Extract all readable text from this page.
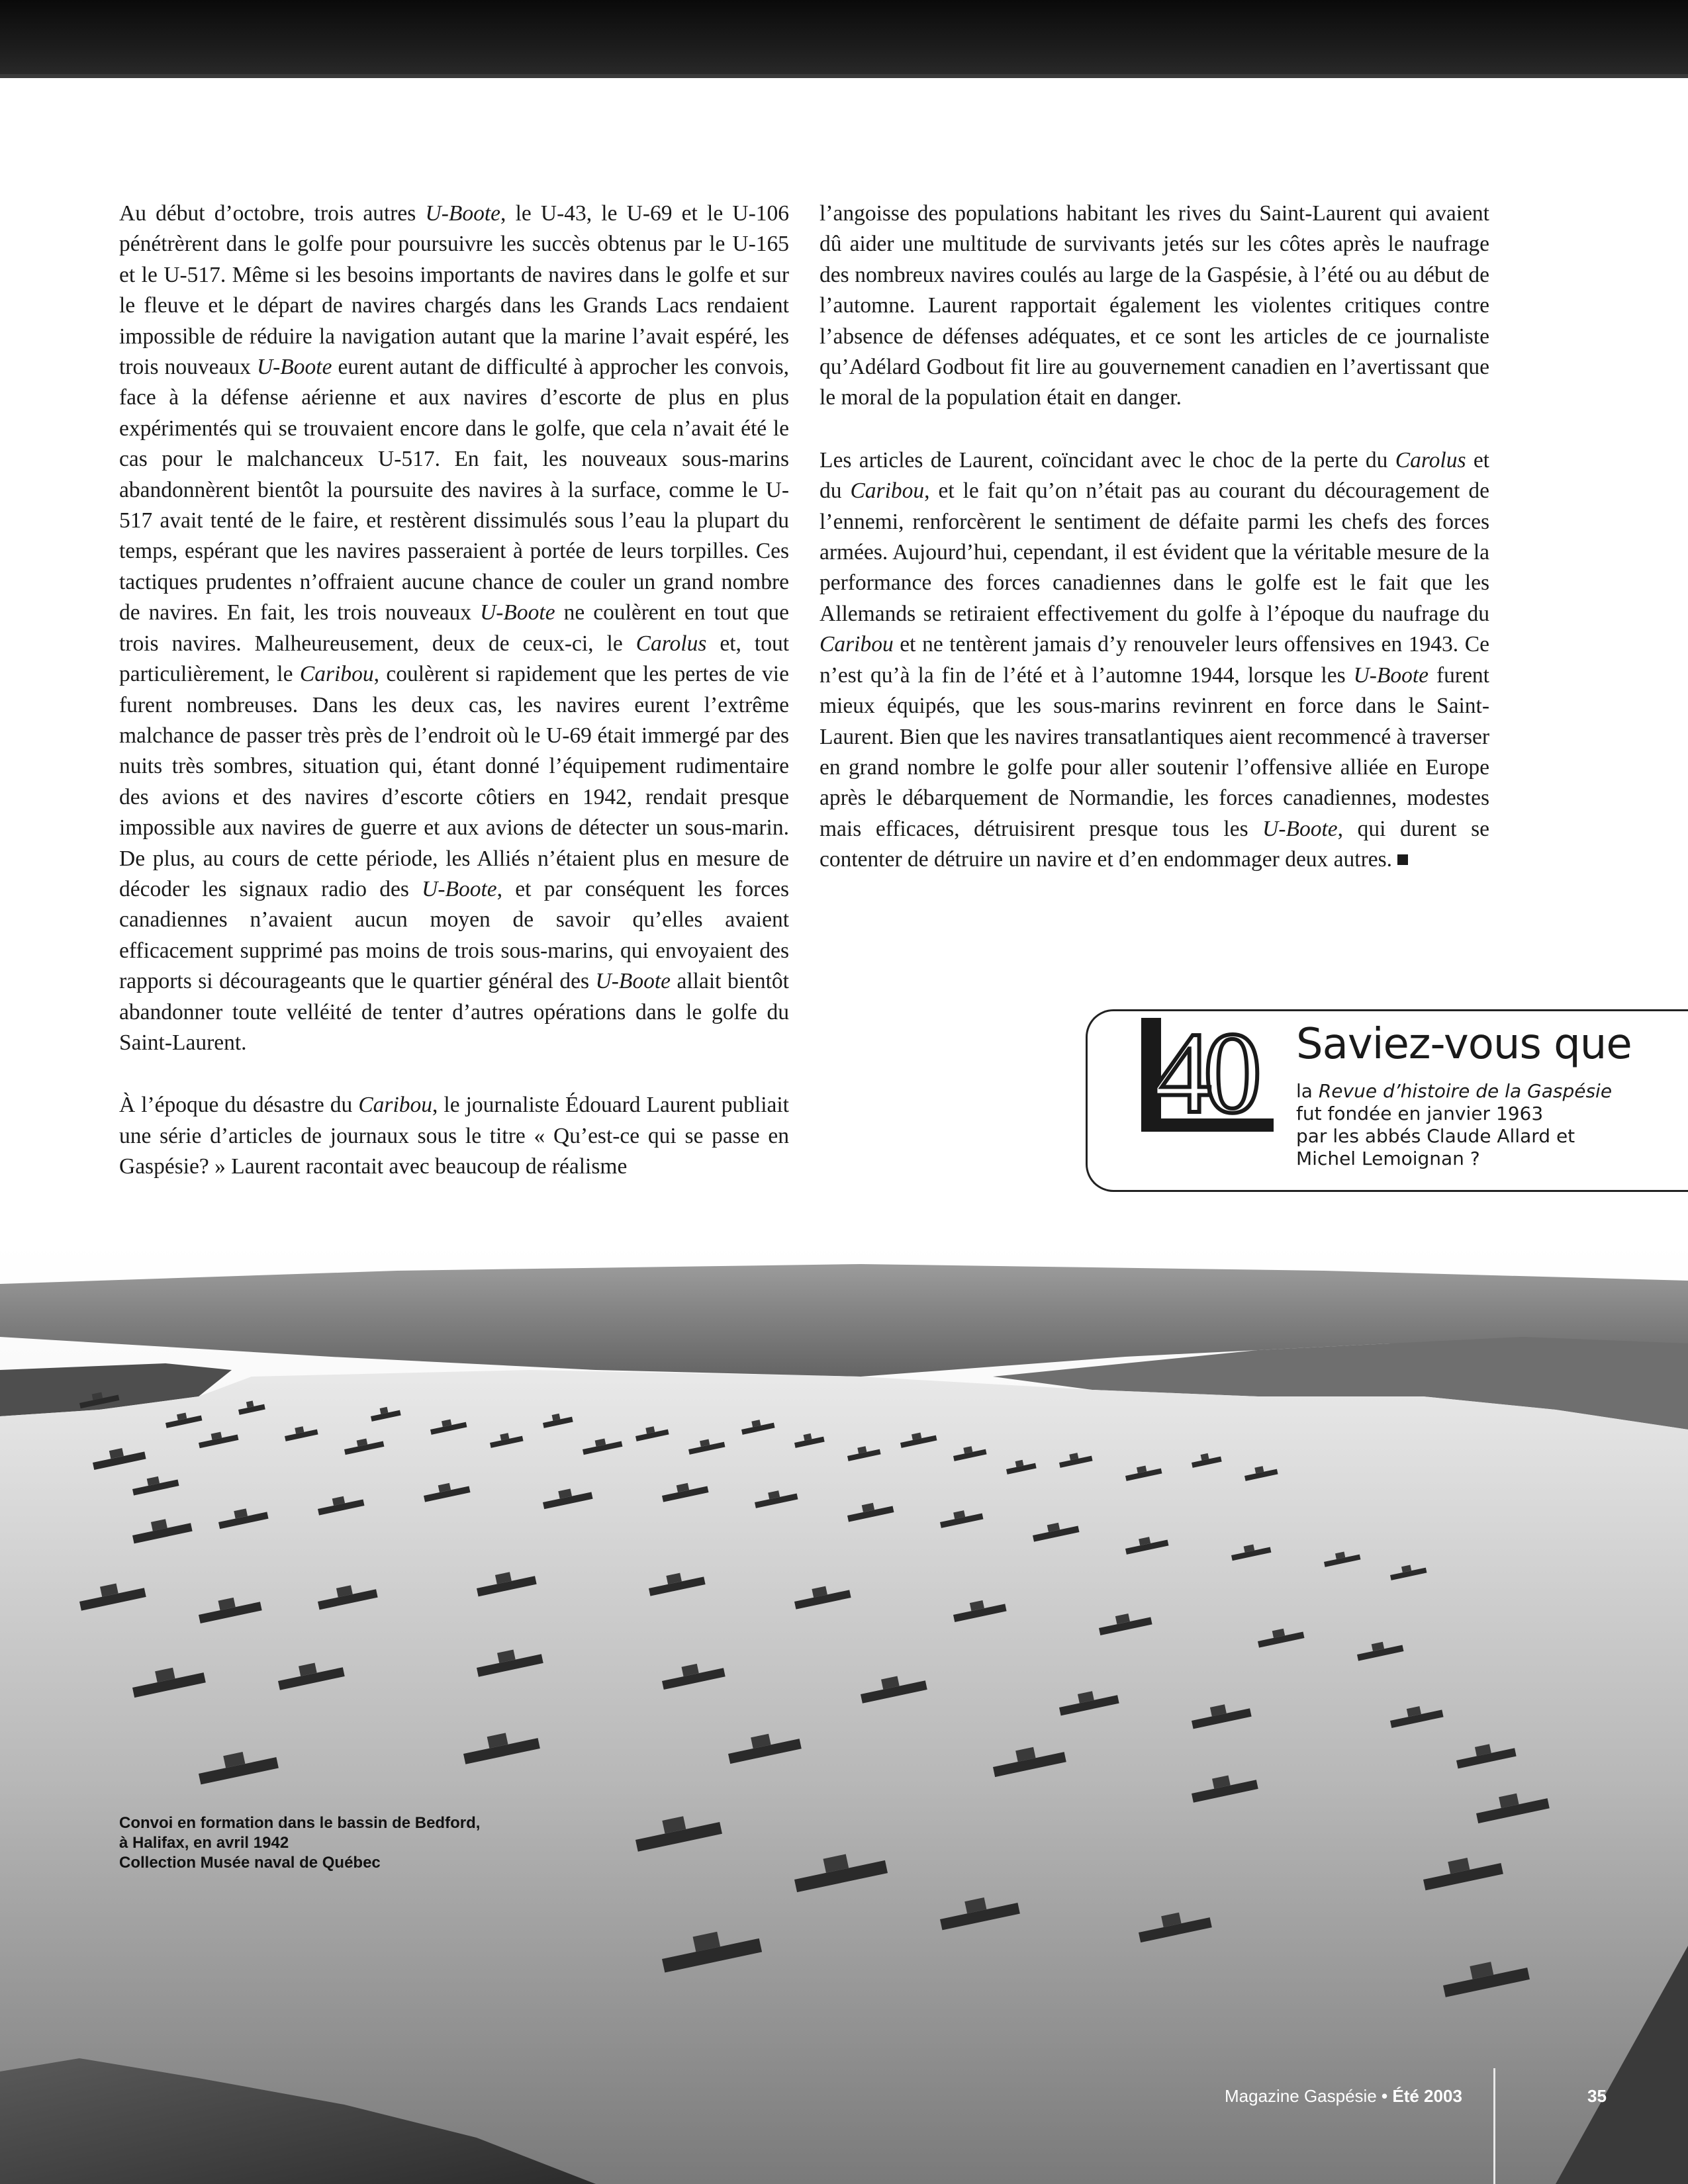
Au début d’octobre, trois autres U-Boote, le U-43, le U-69 et le U-106 pénétrèrent dans le golfe pour poursuivre les succès obtenus par le U-165 et le U-517. Même si les besoins importants de navires dans le golfe et sur le fleuve et le départ de navires chargés dans les Grands Lacs rendaient impossible de réduire la navigation autant que la marine l’avait espéré, les trois nouveaux U-Boote eurent autant de difficulté à approcher les convois, face à la défense aérienne et aux navires d’escorte de plus en plus expérimentés qui se trouvaient encore dans le golfe, que cela n’avait été le cas pour le malchanceux U-517. En fait, les nouveaux sous-marins abandonnèrent bientôt la poursuite des navires à la surface, comme le U-517 avait tenté de le faire, et restèrent dissimulés sous l’eau la plupart du temps, espérant que les navires passeraient à portée de leurs torpilles. Ces tactiques prudentes n’offraient aucune chance de couler un grand nombre de navires. En fait, les trois nouveaux U-Boote ne coulèrent en tout que trois navires. Malheureusement, deux de ceux-ci, le Carolus et, tout particulièrement, le Caribou, coulèrent si rapidement que les pertes de vie furent nombreuses. Dans les deux cas, les navires eurent l’extrême malchance de passer très près de l’endroit où le U-69 était immergé par des nuits très sombres, situation qui, étant donné l’équipement rudimentaire des avions et des navires d’escorte côtiers en 1942, rendait presque impossible aux navires de guerre et aux avions de détecter un sous-marin. De plus, au cours de cette période, les Alliés n’étaient plus en mesure de décoder les signaux radio des U-Boote, et par conséquent les forces canadiennes n’avaient aucun moyen de savoir qu’elles avaient efficacement supprimé pas moins de trois sous-marins, qui envoyaient des rapports si décourageants que le quartier général des U-Boote allait bientôt abandonner toute velléité de tenter d’autres opérations dans le golfe du Saint-Laurent.

À l’époque du désastre du Caribou, le journaliste Édouard Laurent publiait une série d’articles de journaux sous le titre « Qu’est-ce qui se passe en Gaspésie? » Laurent racontait avec beaucoup de réalisme

l’angoisse des populations habitant les rives du Saint-Laurent qui avaient dû aider une multitude de survivants jetés sur les côtes après le naufrage des nombreux navires coulés au large de la Gaspésie, à l’été ou au début de l’automne. Laurent rapportait également les violentes critiques contre l’absence de défenses adéquates, et ce sont les articles de ce journaliste qu’Adélard Godbout fit lire au gouvernement canadien en l’avertissant que le moral de la population était en danger.

Les articles de Laurent, coïncidant avec le choc de la perte du Carolus et du Caribou, et le fait qu’on n’était pas au courant du découragement de l’ennemi, renforcèrent le sentiment de défaite parmi les chefs des forces armées. Aujourd’hui, cependant, il est évident que la véritable mesure de la performance des forces canadiennes dans le golfe est le fait que les Allemands se retiraient effectivement du golfe à l’époque du naufrage du Caribou et ne tentèrent jamais d’y renouveler leurs offensives en 1943. Ce n’est qu’à la fin de l’été et à l’automne 1944, lorsque les U-Boote furent mieux équipés, que les sous-marins revinrent en force dans le Saint-Laurent. Bien que les navires transatlantiques aient recommencé à traverser en grand nombre le golfe pour aller soutenir l’offensive alliée en Europe après le débarquement de Normandie, les forces canadiennes, modestes mais efficaces, détruisirent presque tous les U-Boote, qui durent se contenter de détruire un navire et d’en endommager deux autres.

40 Saviez-vous que
la Revue d’histoire de la Gaspésie
fut fondée en janvier 1963
par les abbés Claude Allard et
Michel Lemoignan ?
Convoi en formation dans le bassin de Bedford,
à Halifax, en avril 1942
Collection Musée naval de Québec
Magazine Gaspésie • Été 2003	35
